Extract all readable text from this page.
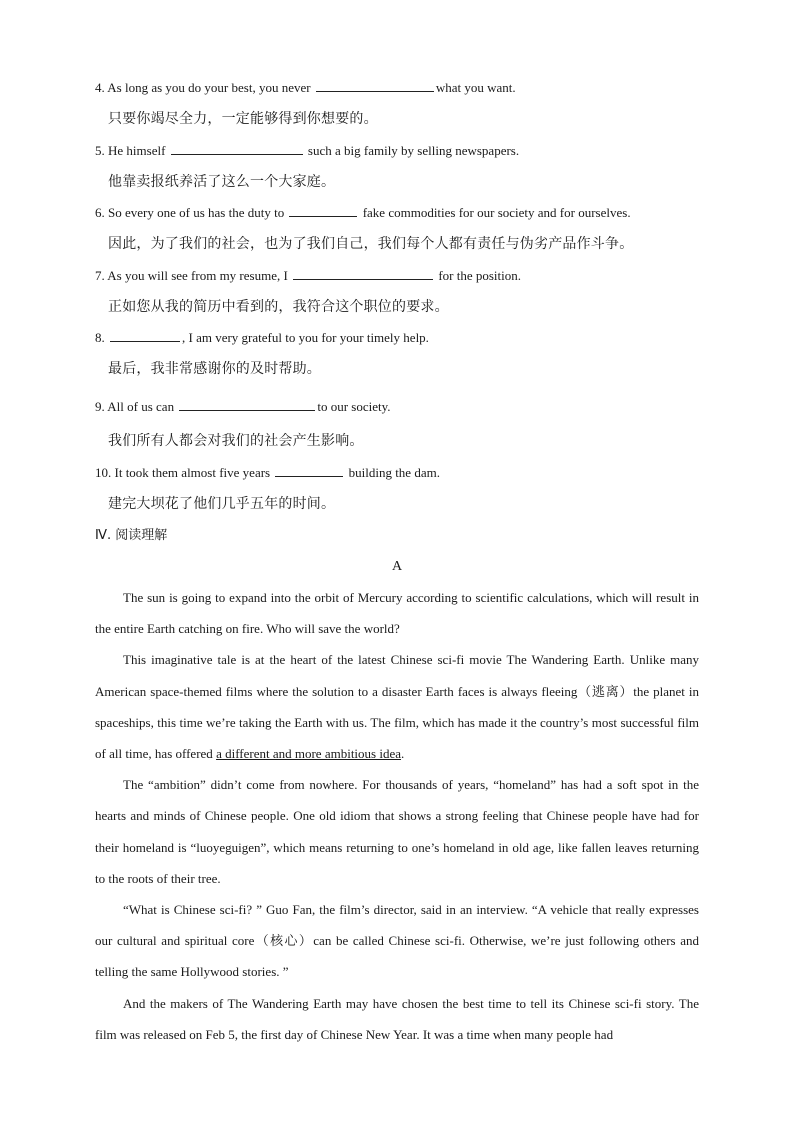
4. As long as you do your best, you never	what you want.
只要你竭尽全力，一定能够得到你想要的。
5. He himself	such a big family by selling newspapers.
他靠卖报纸养活了这么一个大家庭。
6. So every one of us has the duty to	fake commodities for our society and for ourselves.
因此，为了我们的社会，也为了我们自己，我们每个人都有责任与伪劣产品作斗争。
7. As you will see from my resume, I	for the position.
正如您从我的简历中看到的，我符合这个职位的要求。
8.	, I am very grateful to you for your timely help.
最后，我非常感谢你的及时帮助。
9. All of us can	to our society.
我们所有人都会对我们的社会产生影响。
10. It took them almost five years	building the dam.
建完大坝花了他们几乎五年的时间。
Ⅳ. 阅读理解
A

The sun is going to expand into the orbit of Mercury according to scientific calculations, which will result in the entire Earth catching on fire. Who will save the world?

This imaginative tale is at the heart of the latest Chinese sci-fi movie The Wandering Earth. Unlike many American space-themed films where the solution to a disaster Earth faces is always fleeing（逃离）the planet in spaceships, this time we’re taking the Earth with us. The film, which has made it the country’s most successful film of all time, has offered a different and more ambitious idea.

The “ambition” didn’t come from nowhere. For thousands of years, “homeland” has had a soft spot in the hearts and minds of Chinese people. One old idiom that shows a strong feeling that Chinese people have had for their homeland is “luoyeguigen”, which means returning to one’s homeland in old age, like fallen leaves returning to the roots of their tree.

“What is Chinese sci-fi? ” Guo Fan, the film’s director, said in an interview. “A vehicle that really expresses our cultural and spiritual core（核心）can be called Chinese sci-fi. Otherwise, we’re just following others and telling the same Hollywood stories. ”

And the makers of The Wandering Earth may have chosen the best time to tell its Chinese sci-fi story. The film was released on Feb 5, the first day of Chinese New Year. It was a time when many people had
